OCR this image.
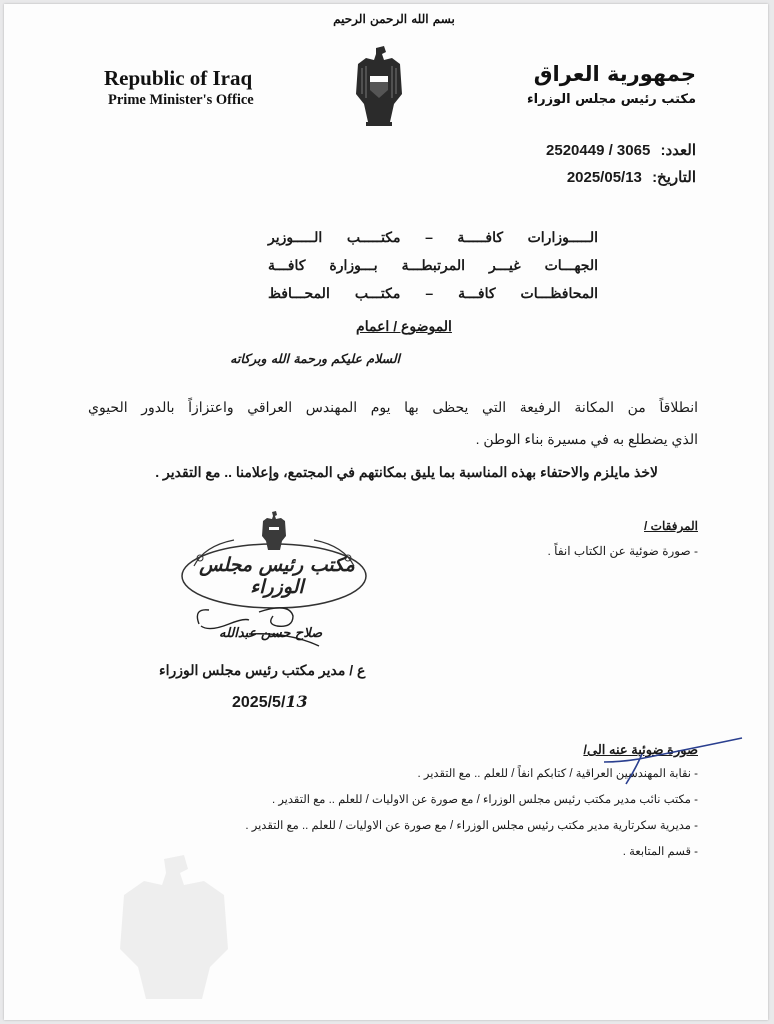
بسم الله الرحمن الرحيم
Republic of Iraq
Prime Minister's Office
جمهورية العراق
مكتب رئيس مجلس الوزراء
العدد: 2520449 / 3065
التاريخ: 2025/05/13
الـــــوزارات كافـــــة – مكتـــــب الـــــوزير
الجهـــات غيـــر المرتبطـــة بـــوزارة كافـــة
المحافظـــات كافـــة – مكتـــب المحـــافظ
الموضوع / اعمام
السلام عليكم ورحمة الله وبركاته
انطلاقاً من المكانة الرفيعة التي يحظى بها يوم المهندس العراقي واعتزازاً بالدور الحيوي
الذي يضطلع به في مسيرة بناء الوطن .
لاخذ مايلزم والاحتفاء بهذه المناسبة بما يليق بمكانتهم في المجتمع، وإعلامنا .. مع التقدير .
المرفقات /
- صورة ضوئية عن الكتاب انفاً .
مكتب رئيس مجلس الوزراء
صلاح حسن عبدالله
ع / مدير مكتب رئيس مجلس الوزراء
2025/5/13
صورة ضوئية عنه الى/
- نقابة المهندسين العراقية / كتابكم انفاً / للعلم .. مع التقدير .
- مكتب نائب مدير مكتب رئيس مجلس الوزراء / مع صورة عن الاوليات / للعلم .. مع التقدير .
- مديرية سكرتارية مدير مكتب رئيس مجلس الوزراء / مع صورة عن الاوليات / للعلم .. مع التقدير .
- قسم المتابعة .
